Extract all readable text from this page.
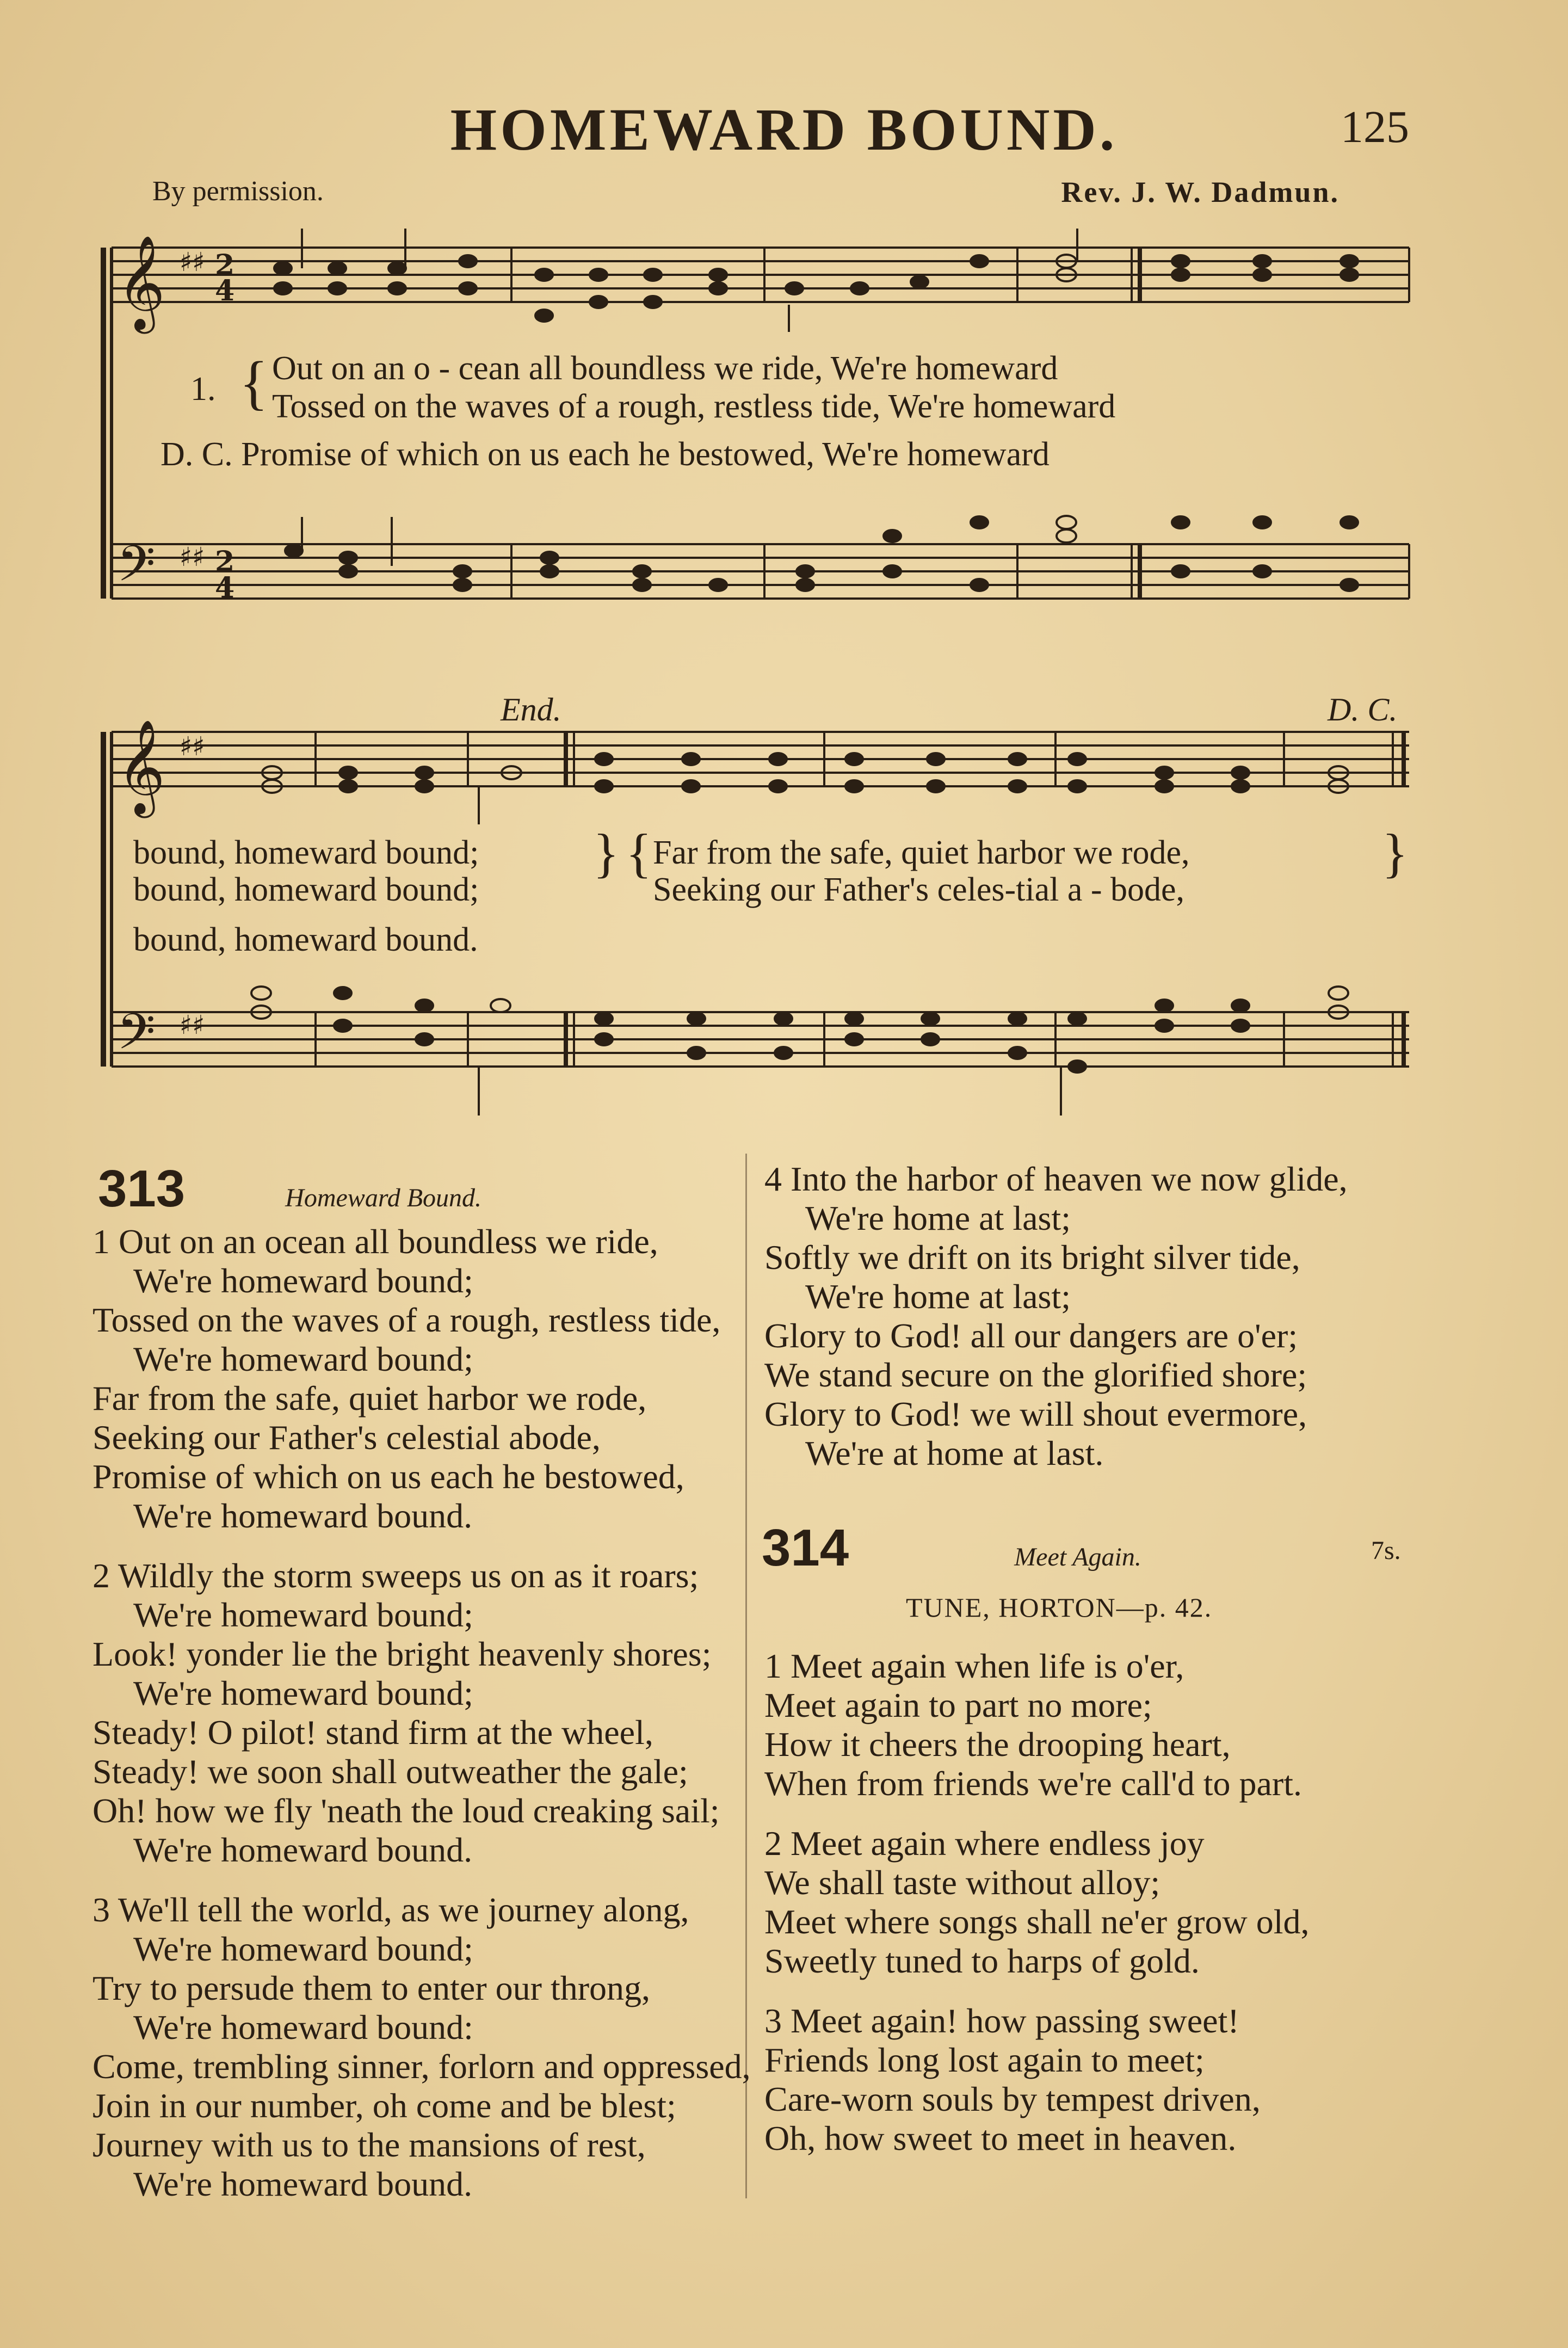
HOMEWARD BOUND.	125
By permission.	Rev. J. W. Dadmun.
𝄞
𝄢
𝄞
𝄢
♯♯
♯♯
♯♯
♯♯
2
4
2
4
End.	D. C.
1. { Out on an o - cean all boundless we ride, We're homeward
Tossed on the waves of a rough, restless tide, We're homeward
D. C. Promise of which on us each he bestowed, We're homeward
bound, homeward bound; } { Far from the safe, quiet harbor we rode,	}
bound, homeward bound;	Seeking our Father's celes-tial a - bode,
bound, homeward bound.
313	Homeward Bound.
1 Out on an ocean all boundless we ride,
We're homeward bound;
Tossed on the waves of a rough, restless tide,
We're homeward bound;
Far from the safe, quiet harbor we rode,
Seeking our Father's celestial abode,
Promise of which on us each he bestowed,
We're homeward bound.
2 Wildly the storm sweeps us on as it roars;
We're homeward bound;
Look! yonder lie the bright heavenly shores;
We're homeward bound;
Steady! O pilot! stand firm at the wheel,
Steady! we soon shall outweather the gale;
Oh! how we fly 'neath the loud creaking sail;
We're homeward bound.
3 We'll tell the world, as we journey along,
We're homeward bound;
Try to persude them to enter our throng,
We're homeward bound:
Come, trembling sinner, forlorn and oppressed,
Join in our number, oh come and be blest;
Journey with us to the mansions of rest,
We're homeward bound.
4 Into the harbor of heaven we now glide,
We're home at last;
Softly we drift on its bright silver tide,
We're home at last;
Glory to God! all our dangers are o'er;
We stand secure on the glorified shore;
Glory to God! we will shout evermore,
We're at home at last.
314	Meet Again.	7s.
TUNE, HORTON—p. 42.
1 Meet again when life is o'er,
Meet again to part no more;
How it cheers the drooping heart,
When from friends we're call'd to part.
2 Meet again where endless joy
We shall taste without alloy;
Meet where songs shall ne'er grow old,
Sweetly tuned to harps of gold.
3 Meet again! how passing sweet!
Friends long lost again to meet;
Care-worn souls by tempest driven,
Oh, how sweet to meet in heaven.
